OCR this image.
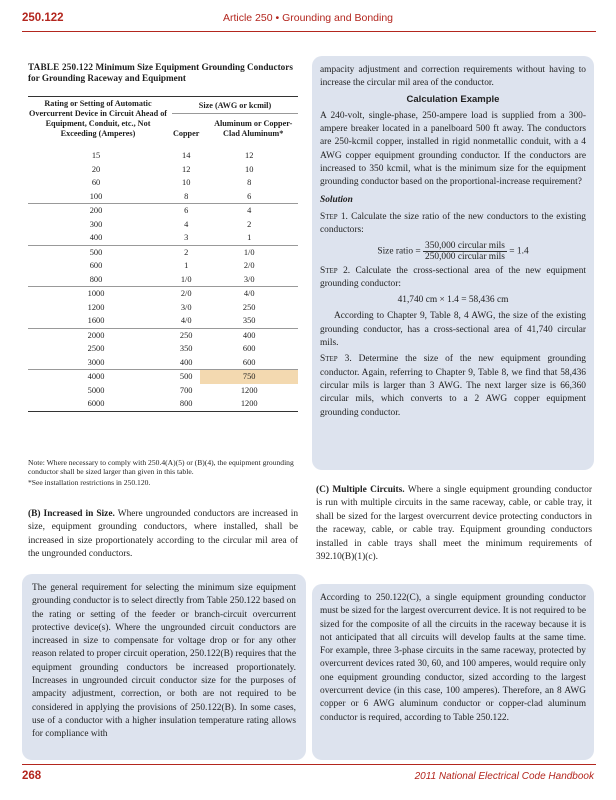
250.122	Article 250 • Grounding and Bonding
TABLE 250.122 Minimum Size Equipment Grounding Conductors for Grounding Raceway and Equipment
Rating or Setting of Automatic Overcurrent Device in Circuit Ahead of Equipment, Conduit, etc., Not Exceeding (Amperes)	Size (AWG or kcmil)	
	Copper	Aluminum or Copper-Clad Aluminum*
15	14	12
20	12	10
60	10	8
100	8	6
200	6	4
300	4	2
400	3	1
500	2	1/0
600	1	2/0
800	1/0	3/0
1000	2/0	4/0
1200	3/0	250
1600	4/0	350
2000	250	400
2500	350	600
3000	400	600
4000	500	750
5000	700	1200
6000	800	1200
Note: Where necessary to comply with 250.4(A)(5) or (B)(4), the equipment grounding conductor shall be sized larger than given in this table.
*See installation restrictions in 250.120.
(B) Increased in Size. Where ungrounded conductors are increased in size, equipment grounding conductors, where installed, shall be increased in size proportionately according to the circular mil area of the ungrounded conductors.
The general requirement for selecting the minimum size equipment grounding conductor is to select directly from Table 250.122 based on the rating or setting of the feeder or branch-circuit overcurrent protective device(s). Where the ungrounded circuit conductors are increased in size to compensate for voltage drop or for any other reason related to proper circuit operation, 250.122(B) requires that the equipment grounding conductors be increased proportionately. Increases in ungrounded circuit conductor size for the purposes of ampacity adjustment, correction, or both are not required to be considered in applying the provisions of 250.122(B). In some cases, use of a conductor with a higher insulation temperature rating allows for compliance with
ampacity adjustment and correction requirements without having to increase the circular mil area of the conductor.
Calculation Example
A 240-volt, single-phase, 250-ampere load is supplied from a 300-ampere breaker located in a panelboard 500 ft away. The conductors are 250-kcmil copper, installed in rigid nonmetallic conduit, with a 4 AWG copper equipment grounding conductor. If the conductors are increased to 350 kcmil, what is the minimum size for the equipment grounding conductor based on the proportional-increase requirement?
Solution
Step 1. Calculate the size ratio of the new conductors to the existing conductors:
Size ratio = $\frac{\text{350,000 circular mils}}{\text{250,000 circular mils}} = 1.4$
Step 2. Calculate the cross-sectional area of the new equipment grounding conductor:
41,740 cm × 1.4 = 58,436 cm
According to Chapter 9, Table 8, 4 AWG, the size of the existing grounding conductor, has a cross-sectional area of 41,740 circular mils.
Step 3. Determine the size of the new equipment grounding conductor. Again, referring to Chapter 9, Table 8, we find that 58,436 circular mils is larger than 3 AWG. The next larger size is 66,360 circular mils, which converts to a 2 AWG copper equipment grounding conductor.
(C) Multiple Circuits. Where a single equipment grounding conductor is run with multiple circuits in the same raceway, cable, or cable tray, it shall be sized for the largest overcurrent device protecting conductors in the raceway, cable, or cable tray. Equipment grounding conductors installed in cable trays shall meet the minimum requirements of 392.10(B)(1)(c).
According to 250.122(C), a single equipment grounding conductor must be sized for the largest overcurrent device. It is not required to be sized for the composite of all the circuits in the raceway because it is not anticipated that all circuits will develop faults at the same time. For example, three 3-phase circuits in the same raceway, protected by overcurrent devices rated 30, 60, and 100 amperes, would require only one equipment grounding conductor, sized according to the largest overcurrent device (in this case, 100 amperes). Therefore, an 8 AWG copper or 6 AWG aluminum conductor or copper-clad aluminum conductor is required, according to Table 250.122.
268	2011 National Electrical Code Handbook
